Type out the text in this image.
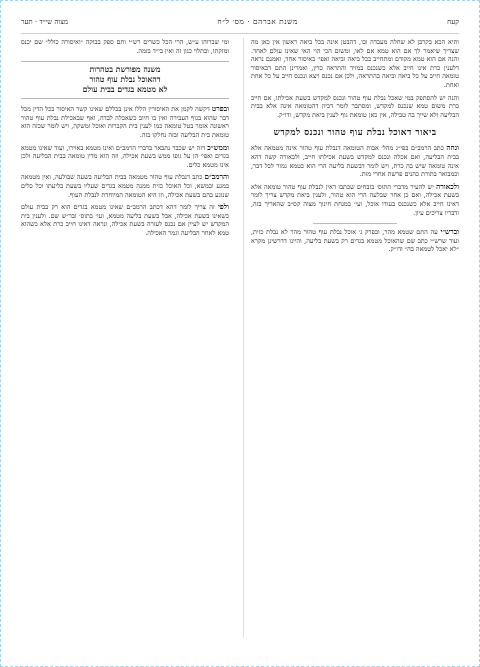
קעח
משנת אברהם · מס׳ ל״ח
מצוה שי״ד · תער

ותיא הכא בקרבן לא שחלה מעבדה ובו, דהבטן אינה בכל ביאה ראשון אין כאן מה שצריך שיאמר לך אם הוא טמא אם לאו, ומשום הכי הוי האי שאינו עולם לאחד. והנה אם הוא טמא מקודם ומתחייב בכל ביאה וביאה ואפי׳ באיסור אחד, ואמנם נראה דלענין כרת אינו חייב אלא כשנכנס במזיד והתראה כדין, ואמרינן התם דבאיסור טומאה חייב על כל ביאה וביאה בהתראה, ולכן אם נכנס ויצא ונכנס חייב על כל אחת ואחת.

והנה יש להסתפק במי שאכל נבלת עוף טהור ונכנס למקדש בשעת אכילתו, אם חייב כרת משום טמא שנכנס למקדש, ומסתבר לומר דכיון דהטומאה אינה אלא בבית הבליעה ולא שייך בה טבילה, אין כאן טומאת גוף לענין ביאת מקדש, ודו״ק.

ביאור דאוכל נבלת עוף טהור ונכנס למקדש

ונחה כתב הרמב״ם בפי״ג מהל׳ אבות הטומאה דנבלת עוף טהור אינה מטמאה אלא בבית הבליעה, ואם אכלה ונכנס למקדש בשעת אכילתו חייב, ולכאורה קשה דהא אינה טומאה שיש בה כרת, ויש לומר דבשעת בליעה הרי הוא כטמא גמור לכל דבר, וכמבואר בתורת כהנים פרשת אחרי מות.

ולכאורה יש להעיר מדברי התוס׳ בזבחים שכתבו דאין לנבלת עוף טהור טומאה אלא בשעת אכילה, ואם כן אחר שבלעה הרי הוא טהור, ולענין ביאת מקדש צריך לומר דאינו חייב אלא כשנכנס בעודו אוכל, ועי׳ במנחת חינוך מצוה קס״ב שהאריך בזה, ודבריו צריכים עיון.

וברש״י עה התם שטמא מהר, ובפרק ג׳ אוכל נבלת עוף טהור מהר לא נבלת כזית, ועוד שרש״י כתב שם שהאוכל מטמא בגדים רק בשעת בליעה, והיינו דדרשינן מקרא ״לא יאכל לטמאה בה״ ודו״ק.

ומי שברוהו ע״ש, הרי הכל כשרים רש״י ותם ספק בבוקה ״ואיסורה כולל״ שם יכנס ומזקתו, ובתלוי כגון זה ואין בי״ד בזמה.

משנה מפורשת בטהרות
דהאוכל נבלת עוף טהור
לא מטמא בגדים בבית עולם

ובפרט דקשה לקמן את האיסורין הללו אינן בכללם שאינו קשר האיסור בכל הדין מכל דבר שהוא בגוף העבירה ואין בו חיוב כשאכלה לבדה, ואף שבאכילת נבלת עוף טהור ראשונה אומר בטל טומאה כמו לענין בית הקברות ואוכל ומשקה, ויש לומר שכזה הוא טומאת בית הבליעה ובזה נחלקו בזה.

וממש״כ דזה יש שכבר נתבאר בדברי הרמב״ם ואינו מטמא באוירו, ועוד שאינו מטמא בגדים ואפי׳ הן על גופו ממש בשעת אכילה, וזה הוא מדין טומאה בבית הבליעה ולכן אינו מטמא כלים.

והרמב״ם כתב דנבלת עוף טהור מטמאה בבית הבליעה בשעה שבולעה, ואין מטמאה במגע ובמשא, וכל האוכל כזית ממנה מטמא בגדים שעליו בשעת בליעתו וכל כלים שנוגע בהם בשעת אכילה, וזו היא הטומאה המיוחדת לנבלת העוף.

ולפי זה צריך לומר דהא דכתב הרמב״ם שאינו מטמא בגדים הוא רק בבית עולם כשאינו בשעת אכילה, אבל בשעת בליעה מטמא, ועי׳ בתוס׳ ובר״ש שם. ולענין בית המקדש יש לעיין אם נכנס לעזרה בשעת אכילה, ונראה דאינו חייב כרת אלא כשהוא טמא לאחר הבליעה וגמר האכילה.
